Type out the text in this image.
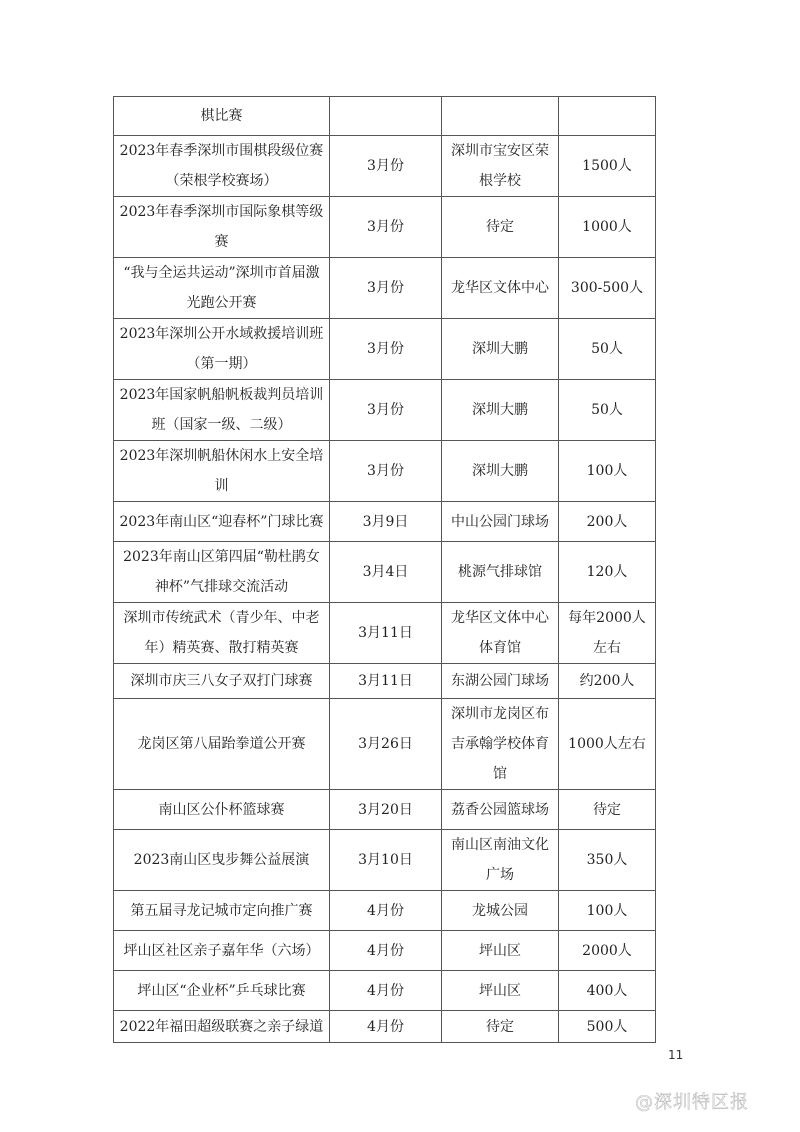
棋比赛			
2023年春季深圳市围棋段级位赛（荣根学校赛场）	3月份	深圳市宝安区荣根学校	1500人
2023年春季深圳市国际象棋等级赛	3月份	待定	1000人
“我与全运共运动”深圳市首届激光跑公开赛	3月份	龙华区文体中心	300-500人
2023年深圳公开水域救援培训班（第一期）	3月份	深圳大鹏	50人
2023年国家帆船帆板裁判员培训班（国家一级、二级）	3月份	深圳大鹏	50人
2023年深圳帆船休闲水上安全培训	3月份	深圳大鹏	100人
2023年南山区“迎春杯”门球比赛	3月9日	中山公园门球场	200人
2023年南山区第四届“勒杜鹃女神杯”气排球交流活动	3月4日	桃源气排球馆	120人
深圳市传统武术（青少年、中老年）精英赛、散打精英赛	3月11日	龙华区文体中心体育馆	每年2000人左右
深圳市庆三八女子双打门球赛	3月11日	东湖公园门球场	约200人
龙岗区第八届跆拳道公开赛	3月26日	深圳市龙岗区布吉承翰学校体育馆	1000人左右
南山区公仆杯篮球赛	3月20日	荔香公园篮球场	待定
2023南山区曳步舞公益展演	3月10日	南山区南油文化广场	350人
第五届寻龙记城市定向推广赛	4月份	龙城公园	100人
坪山区社区亲子嘉年华（六场）	4月份	坪山区	2000人
坪山区“企业杯”乒乓球比赛	4月份	坪山区	400人
2022年福田超级联赛之亲子绿道	4月份	待定	500人
11
@深圳特区报
